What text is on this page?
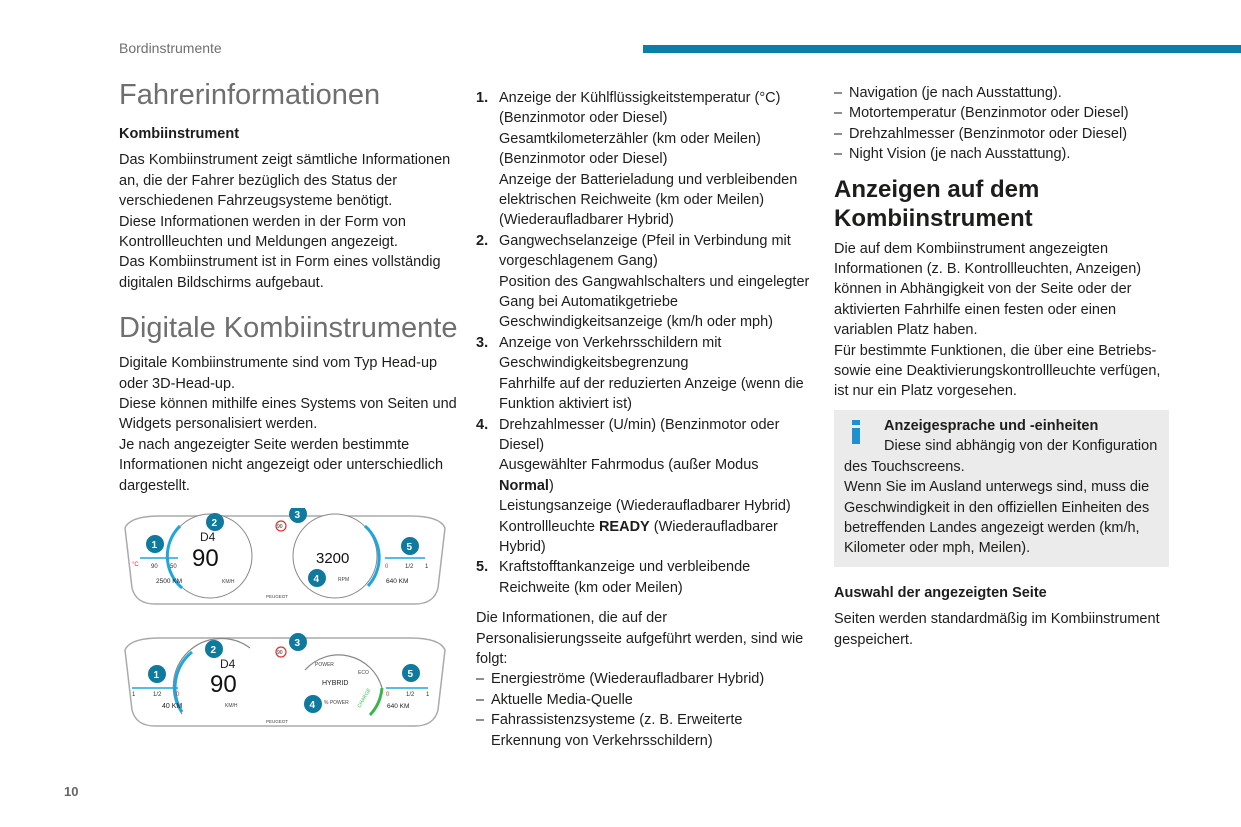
Bordinstrumente
Fahrerinformationen
Kombiinstrument

Das Kombiinstrument zeigt sämtliche Informationen an, die der Fahrer bezüglich des Status der verschiedenen Fahrzeugsysteme benötigt.

Diese Informationen werden in der Form von Kontrollleuchten und Meldungen angezeigt.

Das Kombiinstrument ist in Form eines vollständig digitalen Bildschirms aufgebaut.

Digitale Kombiinstrumente

Digitale Kombiinstrumente sind vom Typ Head-up oder 3D-Head-up.

Diese können mithilfe eines Systems von Seiten und Widgets personalisiert werden.

Je nach angezeigter Seite werden bestimmte Informationen nicht angezeigt oder unterschiedlich dargestellt.

D4
90
KM/H
3200
RPM
90
°C 90 50
2500 KM
0	1/2 1
640 KM
PEUGEOT
1
2
3
4
5
D4
90
KM/H
POWER
ECO
CHARGE
HYBRID
% POWER
90
1	1/2 0
40 KM
0	1/2 1
640 KM
PEUGEOT
1
2
3
4
5
1. Anzeige der Kühlflüssigkeitstemperatur (°C) (Benzinmotor oder Diesel)
Gesamtkilometerzähler (km oder Meilen) (Benzinmotor oder Diesel)
Anzeige der Batterieladung und verbleibenden elektrischen Reichweite (km oder Meilen) (Wiederaufladbarer Hybrid)
2. Gangwechselanzeige (Pfeil in Verbindung mit vorgeschlagenem Gang)
Position des Gangwahlschalters und eingelegter Gang bei Automatikgetriebe
Geschwindigkeitsanzeige (km/h oder mph)
3. Anzeige von Verkehrsschildern mit Geschwindigkeitsbegrenzung
Fahrhilfe auf der reduzierten Anzeige (wenn die Funktion aktiviert ist)
4. Drehzahlmesser (U/min) (Benzinmotor oder Diesel)
Ausgewählter Fahrmodus (außer Modus Normal)
Leistungsanzeige (Wiederaufladbarer Hybrid)
Kontrollleuchte READY (Wiederaufladbarer Hybrid)
5. Kraftstofftankanzeige und verbleibende Reichweite (km oder Meilen)

Die Informationen, die auf der Personalisierungsseite aufgeführt werden, sind wie folgt:

– Energieströme (Wiederaufladbarer Hybrid)
– Aktuelle Media-Quelle
– Fahrassistenzsysteme (z. B. Erweiterte Erkennung von Verkehrsschildern)
– Navigation (je nach Ausstattung).
– Motortemperatur (Benzinmotor oder Diesel)
– Drehzahlmesser (Benzinmotor oder Diesel)
– Night Vision (je nach Ausstattung).
Anzeigen auf dem Kombiinstrument

Die auf dem Kombiinstrument angezeigten Informationen (z. B. Kontrollleuchten, Anzeigen) können in Abhängigkeit von der Seite oder der aktivierten Fahrhilfe einen festen oder einen variablen Platz haben.

Für bestimmte Funktionen, die über eine Betriebs- sowie eine Deaktivierungskontrollleuchte verfügen, ist nur ein Platz vorgesehen.

Anzeigesprache und -einheiten
Diese sind abhängig von der Konfiguration
des Touchscreens.
Wenn Sie im Ausland unterwegs sind, muss die Geschwindigkeit in den offiziellen Einheiten des betreffenden Landes angezeigt werden (km/h, Kilometer oder mph, Meilen).
Auswahl der angezeigten Seite

Seiten werden standardmäßig im Kombiinstrument gespeichert.

10
